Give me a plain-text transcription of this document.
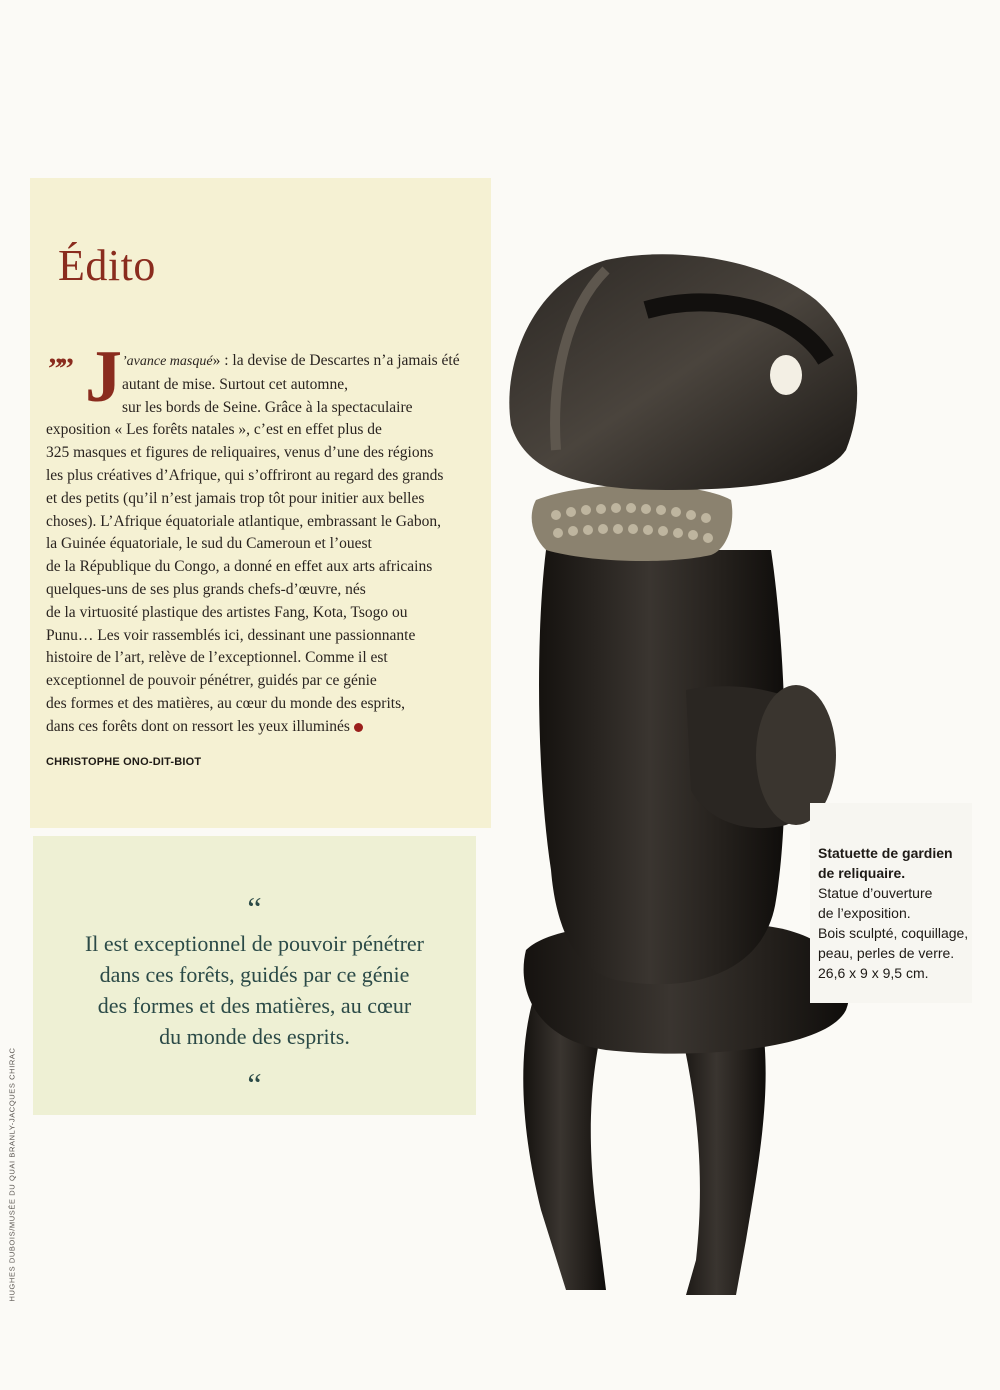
Édito
”” J ’avance masqué» : la devise de Descartes n’a jamais été

autant de mise. Surtout cet automne,

sur les bords de Seine. Grâce à la spectaculaire

exposition « Les forêts natales », c’est en effet plus de

325 masques et figures de reliquaires, venus d’une des régions

les plus créatives d’Afrique, qui s’offriront au regard des grands

et des petits (qu’il n’est jamais trop tôt pour initier aux belles

choses). L’Afrique équatoriale atlantique, embrassant le Gabon,

la Guinée équatoriale, le sud du Cameroun et l’ouest

de la République du Congo, a donné en effet aux arts africains

quelques-uns de ses plus grands chefs-d’œuvre, nés

de la virtuosité plastique des artistes Fang, Kota, Tsogo ou

Punu… Les voir rassemblés ici, dessinant une passionnante

histoire de l’art, relève de l’exceptionnel. Comme il est

exceptionnel de pouvoir pénétrer, guidés par ce génie

des formes et des matières, au cœur du monde des esprits,

dans ces forêts dont on ressort les yeux illuminés

CHRISTOPHE ONO-DIT-BIOT
“
Il est exceptionnel de pouvoir pénétrer
dans ces forêts, guidés par ce génie
des formes et des matières, au cœur
du monde des esprits.
“
Statuette de gardien
de reliquaire.
Statue d’ouverture
de l’exposition.
Bois sculpté, coquillage,
peau, perles de verre.
26,6 x 9 x 9,5 cm.
HUGHES DUBOIS/MUSÉE DU QUAI BRANLY-JACQUES CHIRAC
